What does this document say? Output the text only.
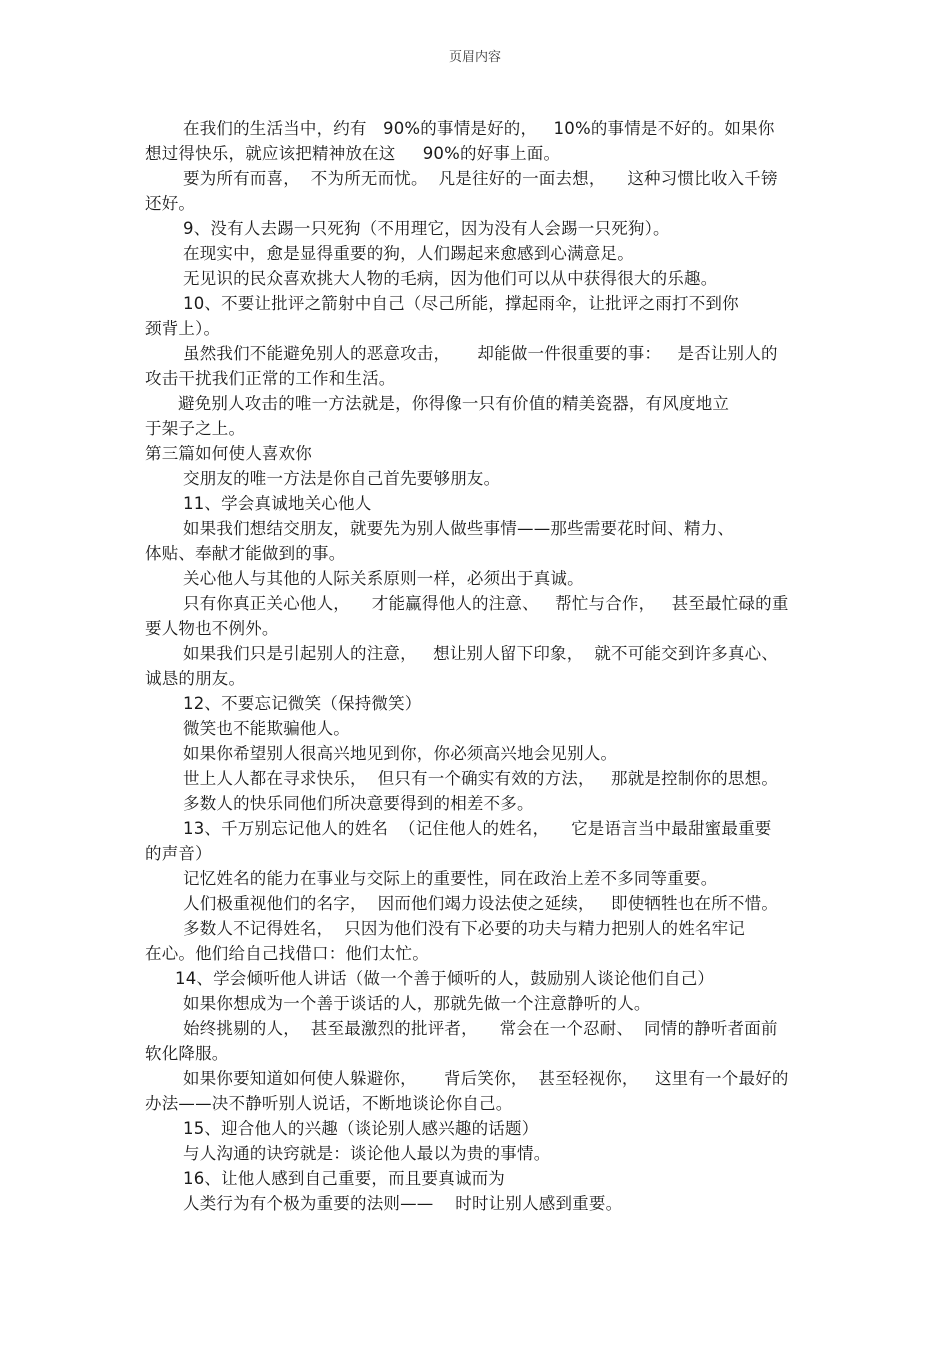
页眉内容
在我们的生活当中，约有   90%的事情是好的，   10%的事情是不好的。如果你
想过得快乐，就应该把精神放在这     90%的好事上面。
要为所有而喜，  不为所无而忧。  凡是往好的一面去想，    这种习惯比收入千镑
还好。
9、没有人去踢一只死狗（不用理它，因为没有人会踢一只死狗）。
在现实中，愈是显得重要的狗，人们踢起来愈感到心满意足。
无见识的民众喜欢挑大人物的毛病，因为他们可以从中获得很大的乐趣。
10、不要让批评之箭射中自己（尽己所能，撑起雨伞，让批评之雨打不到你
颈背上）。
虽然我们不能避免别人的恶意攻击，     却能做一件很重要的事：   是否让别人的
攻击干扰我们正常的工作和生活。
避免别人攻击的唯一方法就是，你得像一只有价值的精美瓷器，有风度地立
于架子之上。
第三篇如何使人喜欢你
交朋友的唯一方法是你自己首先要够朋友。
11、学会真诚地关心他人
如果我们想结交朋友，就要先为别人做些事情——那些需要花时间、精力、
体贴、奉献才能做到的事。
关心他人与其他的人际关系原则一样，必须出于真诚。
只有你真正关心他人，    才能赢得他人的注意、   帮忙与合作，   甚至最忙碌的重
要人物也不例外。
如果我们只是引起别人的注意，   想让别人留下印象，  就不可能交到许多真心、
诚恳的朋友。
12、不要忘记微笑（保持微笑）
微笑也不能欺骗他人。
如果你希望别人很高兴地见到你，你必须高兴地会见别人。
世上人人都在寻求快乐，  但只有一个确实有效的方法，   那就是控制你的思想。
多数人的快乐同他们所决意要得到的相差不多。
13、千万别忘记他人的姓名  （记住他人的姓名，    它是语言当中最甜蜜最重要
的声音）
记忆姓名的能力在事业与交际上的重要性，同在政治上差不多同等重要。
人们极重视他们的名字，  因而他们竭力设法使之延续，   即使牺牲也在所不惜。
多数人不记得姓名，  只因为他们没有下必要的功夫与精力把别人的姓名牢记
在心。他们给自己找借口：他们太忙。
14、学会倾听他人讲话（做一个善于倾听的人，鼓励别人谈论他们自己）
如果你想成为一个善于谈话的人，那就先做一个注意静听的人。
始终挑剔的人，  甚至最激烈的批评者，    常会在一个忍耐、  同情的静听者面前
软化降服。
如果你要知道如何使人躲避你，     背后笑你，  甚至轻视你，   这里有一个最好的
办法——决不静听别人说话，不断地谈论你自己。
15、迎合他人的兴趣（谈论别人感兴趣的话题）
与人沟通的诀窍就是：谈论他人最以为贵的事情。
16、让他人感到自己重要，而且要真诚而为
人类行为有个极为重要的法则——    时时让别人感到重要。
